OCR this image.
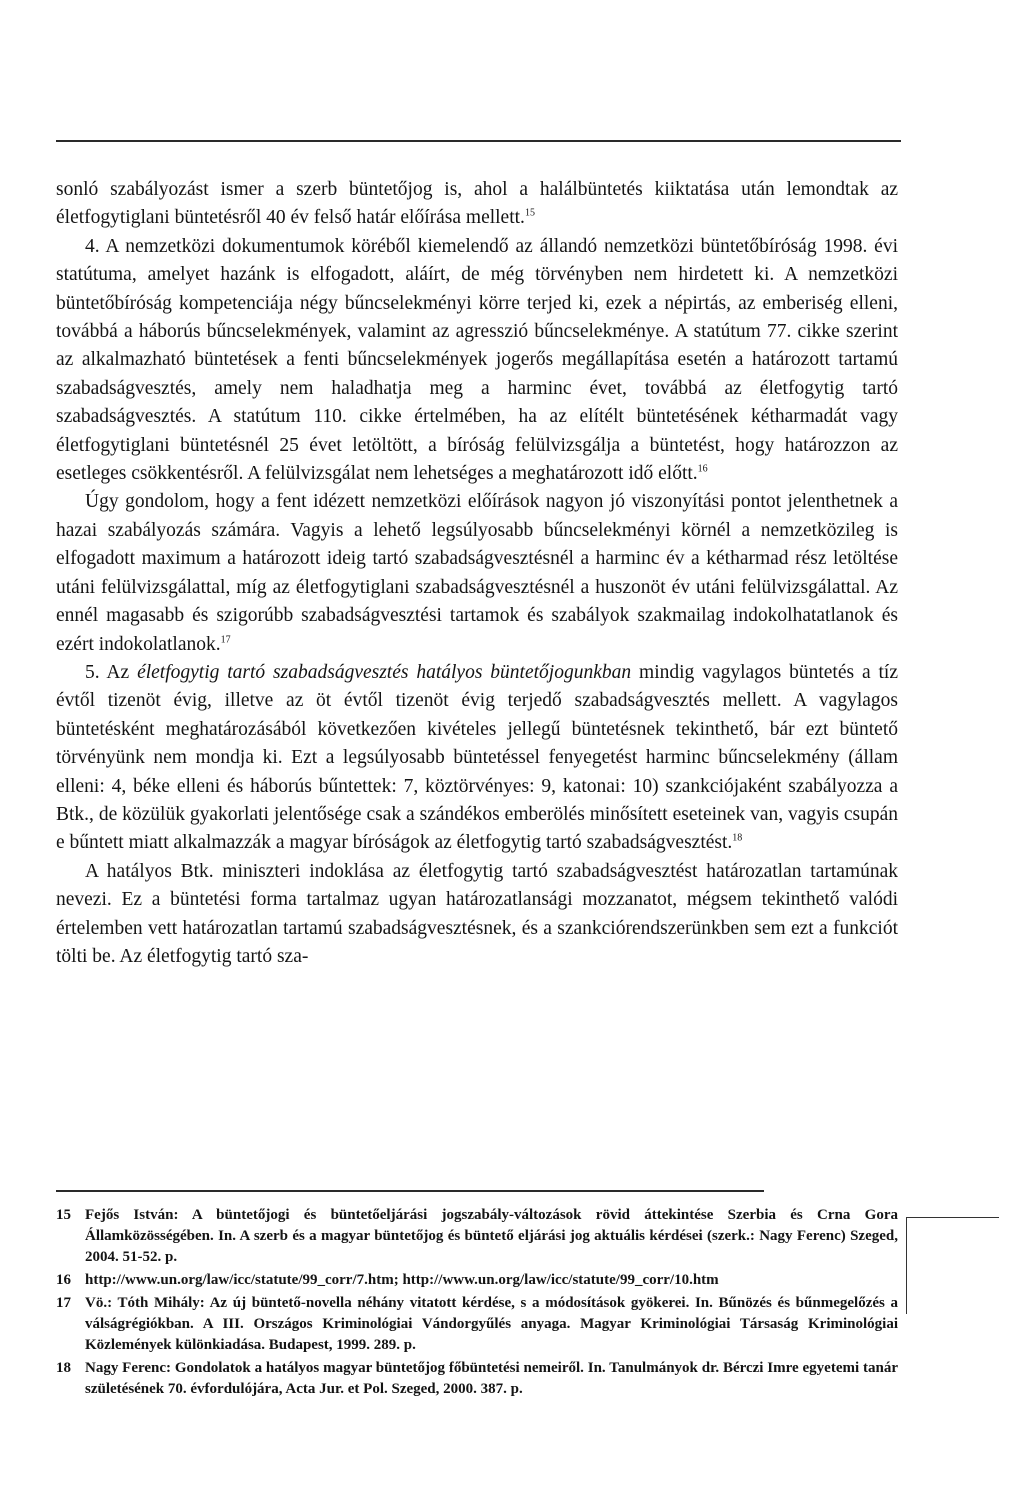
sonló szabályozást ismer a szerb büntetőjog is, ahol a halálbüntetés kiiktatása után lemondtak az életfogytiglani büntetésről 40 év felső határ előírása mellett.$^{15}$

4. A nemzetközi dokumentumok köréből kiemelendő az állandó nemzetközi büntetőbíróság 1998. évi statútuma, amelyet hazánk is elfogadott, aláírt, de még törvényben nem hirdetett ki. A nemzetközi büntetőbíróság kompetenciája négy bűncselekményi körre terjed ki, ezek a népirtás, az emberiség elleni, továbbá a háborús bűncselekmények, valamint az agresszió bűncselekménye. A statútum 77. cikke szerint az alkalmazható büntetések a fenti bűncselekmények jogerős megállapítása esetén a határozott tartamú szabadságvesztés, amely nem haladhatja meg a harminc évet, továbbá az életfogytig tartó szabadságvesztés. A statútum 110. cikke értelmében, ha az elítélt büntetésének kétharmadát vagy életfogytiglani büntetésnél 25 évet letöltött, a bíróság felülvizsgálja a büntetést, hogy határozzon az esetleges csökkentésről. A felülvizsgálat nem lehetséges a meghatározott idő előtt.$^{16}$

Úgy gondolom, hogy a fent idézett nemzetközi előírások nagyon jó viszonyítási pontot jelenthetnek a hazai szabályozás számára. Vagyis a lehető legsúlyosabb bűncselekményi körnél a nemzetközileg is elfogadott maximum a határozott ideig tartó szabadságvesztésnél a harminc év a kétharmad rész letöltése utáni felülvizsgálattal, míg az életfogytiglani szabadságvesztésnél a huszonöt év utáni felülvizsgálattal. Az ennél magasabb és szigorúbb szabadságvesztési tartamok és szabályok szakmailag indokolhatatlanok és ezért indokolatlanok.$^{17}$

5. Az életfogytig tartó szabadságvesztés hatályos büntetőjogunkban mindig vagylagos büntetés a tíz évtől tizenöt évig, illetve az öt évtől tizenöt évig terjedő szabadságvesztés mellett. A vagylagos büntetésként meghatározásából következően kivételes jellegű büntetésnek tekinthető, bár ezt büntető törvényünk nem mondja ki. Ezt a legsúlyosabb büntetéssel fenyegetést harminc bűncselekmény (állam elleni: 4, béke elleni és háborús bűntettek: 7, köztörvényes: 9, katonai: 10) szankciójaként szabályozza a Btk., de közülük gyakorlati jelentősége csak a szándékos emberölés minősített eseteinek van, vagyis csupán e bűntett miatt alkalmazzák a magyar bíróságok az életfogytig tartó szabadságvesztést.$^{18}$

A hatályos Btk. miniszteri indoklása az életfogytig tartó szabadságvesztést határozatlan tartamúnak nevezi. Ez a büntetési forma tartalmaz ugyan határozatlansági mozzanatot, mégsem tekinthető valódi értelemben vett határozatlan tartamú szabadságvesztésnek, és a szankciórendszerünkben sem ezt a funkciót tölti be. Az életfogytig tartó sza-

15 Fejős István: A büntetőjogi és büntetőeljárási jogszabály-változások rövid áttekintése Szerbia és Crna Gora Államközösségében. In. A szerb és a magyar büntetőjog és büntető eljárási jog aktuális kérdései (szerk.: Nagy Ferenc) Szeged, 2004. 51-52. p.
16 http://www.un.org/law/icc/statute/99_corr/7.htm; http://www.un.org/law/icc/statute/99_corr/10.htm
17 Vö.: Tóth Mihály: Az új büntető-novella néhány vitatott kérdése, s a módosítások gyökerei. In. Bűnözés és bűnmegelőzés a válságrégiókban. A III. Országos Kriminológiai Vándorgyűlés anyaga. Magyar Kriminológiai Társaság Kriminológiai Közlemények különkiadása. Budapest, 1999. 289. p.
18 Nagy Ferenc: Gondolatok a hatályos magyar büntetőjog főbüntetési nemeiről. In. Tanulmányok dr. Bérczi Imre egyetemi tanár születésének 70. évfordulójára, Acta Jur. et Pol. Szeged, 2000. 387. p.
